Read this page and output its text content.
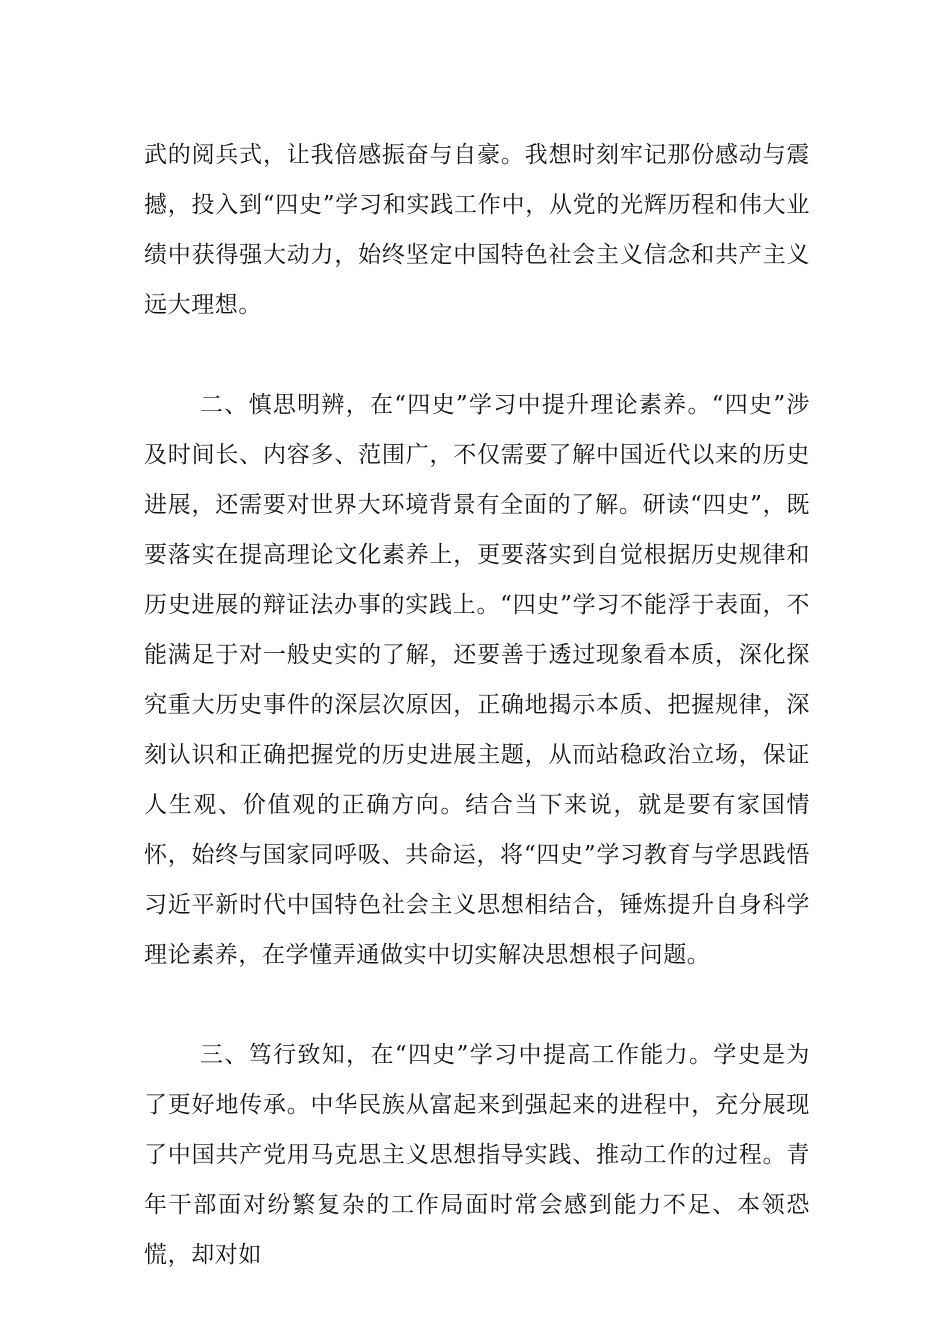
武的阅兵式，让我倍感振奋与自豪。我想时刻牢记那份感动与震撼，投入到“四史”学习和实践工作中，从党的光辉历程和伟大业绩中获得强大动力，始终坚定中国特色社会主义信念和共产主义远大理想。

二、慎思明辨，在“四史”学习中提升理论素养。“四史”涉及时间长、内容多、范围广，不仅需要了解中国近代以来的历史进展，还需要对世界大环境背景有全面的了解。研读“四史”，既要落实在提高理论文化素养上，更要落实到自觉根据历史规律和历史进展的辩证法办事的实践上。“四史”学习不能浮于表面，不能满足于对一般史实的了解，还要善于透过现象看本质，深化探究重大历史事件的深层次原因，正确地揭示本质、把握规律，深刻认识和正确把握党的历史进展主题，从而站稳政治立场，保证人生观、价值观的正确方向。结合当下来说，就是要有家国情怀，始终与国家同呼吸、共命运，将“四史”学习教育与学思践悟习近平新时代中国特色社会主义思想相结合，锤炼提升自身科学理论素养，在学懂弄通做实中切实解决思想根子问题。

三、笃行致知，在“四史”学习中提高工作能力。学史是为了更好地传承。中华民族从富起来到强起来的进程中，充分展现了中国共产党用马克思主义思想指导实践、推动工作的过程。青年干部面对纷繁复杂的工作局面时常会感到能力不足、本领恐慌，却对如
